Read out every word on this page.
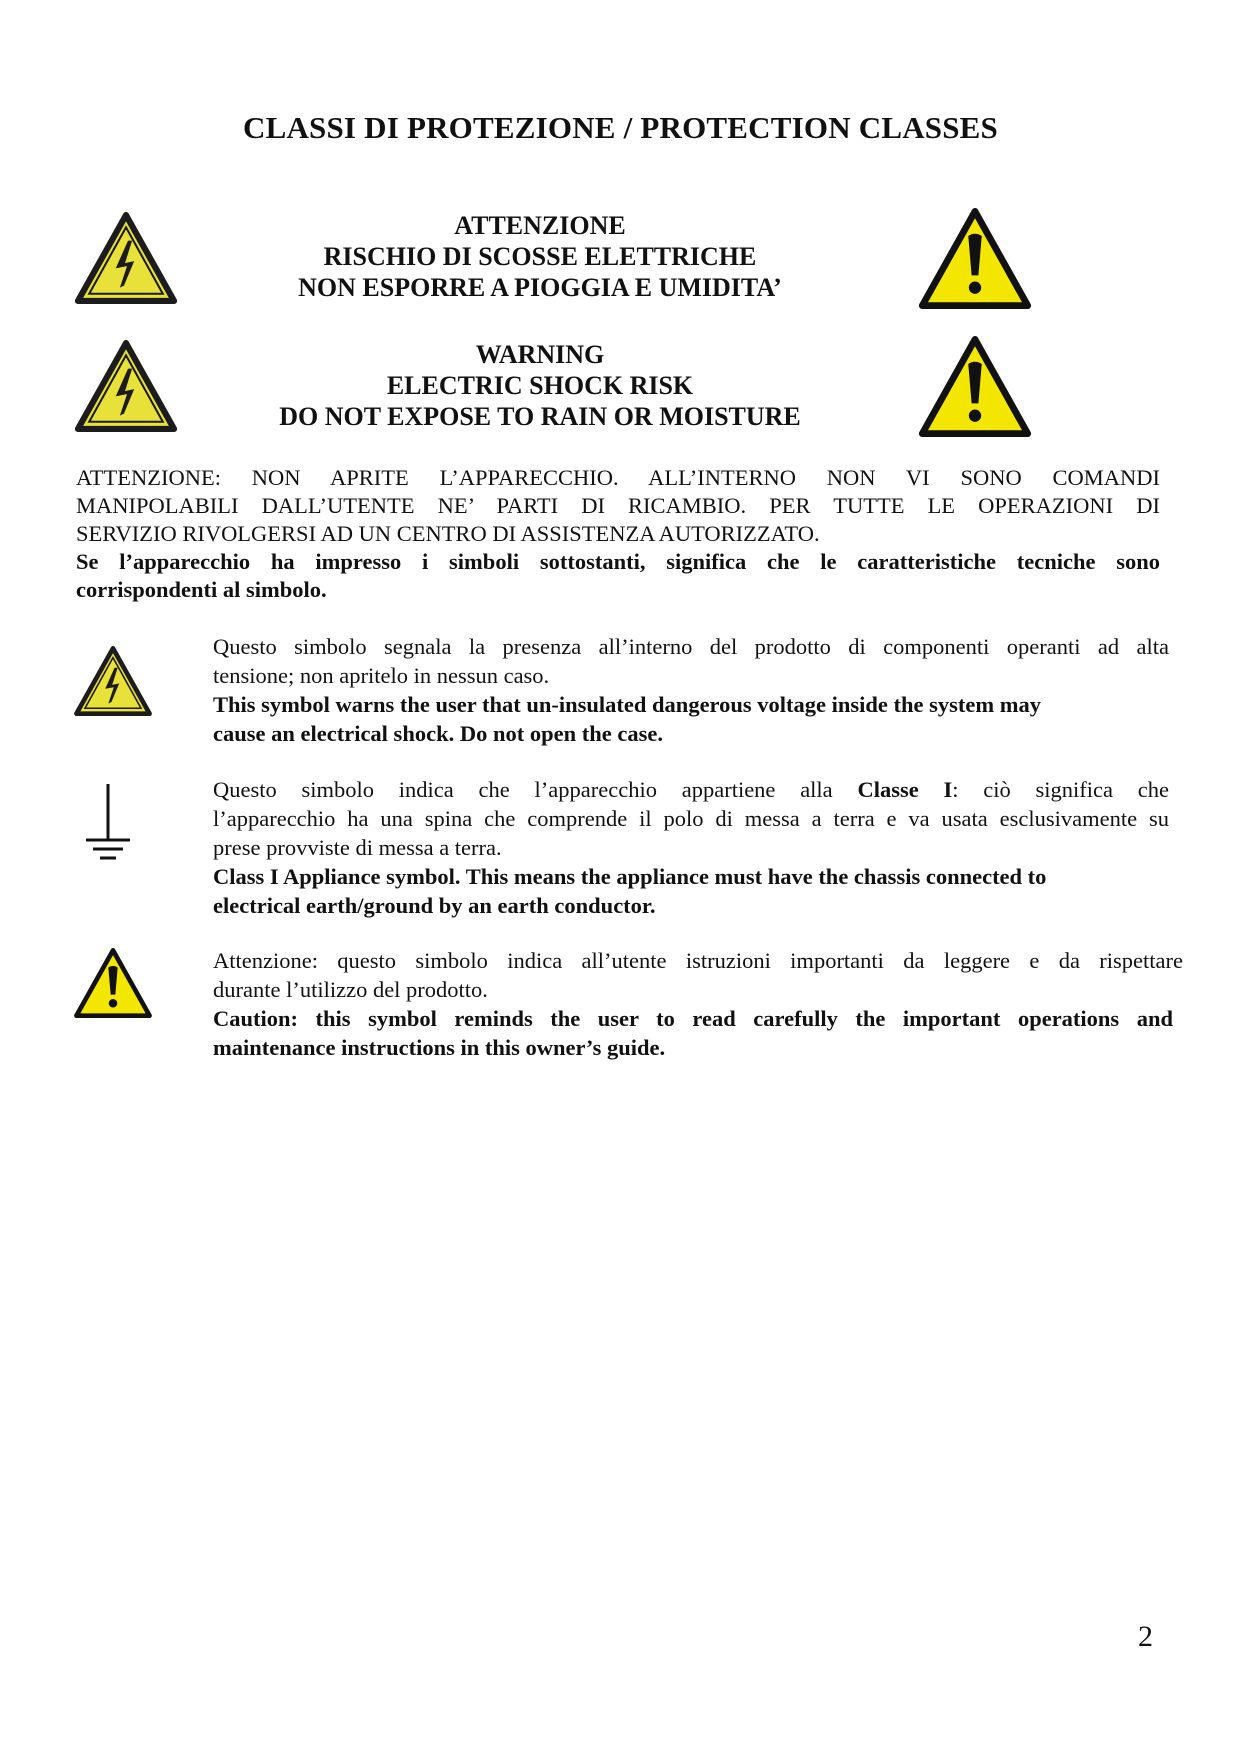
CLASSI DI PROTEZIONE / PROTECTION CLASSES
ATTENZIONE
RISCHIO DI SCOSSE ELETTRICHE
NON ESPORRE A PIOGGIA E UMIDITA’
WARNING
ELECTRIC SHOCK RISK
DO NOT EXPOSE TO RAIN OR MOISTURE
ATTENZIONE: NON APRITE L’APPARECCHIO. ALL’INTERNO NON VI SONO COMANDI
MANIPOLABILI DALL’UTENTE NE’ PARTI DI RICAMBIO. PER TUTTE LE OPERAZIONI DI
SERVIZIO RIVOLGERSI AD UN CENTRO DI ASSISTENZA AUTORIZZATO.
Se l’apparecchio ha impresso i simboli sottostanti, significa che le caratteristiche tecniche sono
corrispondenti al simbolo.
Questo simbolo segnala la presenza all’interno del prodotto di componenti operanti ad alta
tensione; non apritelo in nessun caso.
This symbol warns the user that un-insulated dangerous voltage inside the system may
cause an electrical shock. Do not open the case.
Questo simbolo indica che l’apparecchio appartiene alla Classe I: ciò significa che
l’apparecchio ha una spina che comprende il polo di messa a terra e va usata esclusivamente su
prese provviste di messa a terra.
Class I Appliance symbol. This means the appliance must have the chassis connected to
electrical earth/ground by an earth conductor.
Attenzione: questo simbolo indica all’utente istruzioni importanti da leggere e da rispettare
durante l’utilizzo del prodotto.
Caution: this symbol reminds the user to read carefully the important operations and
maintenance instructions in this owner’s guide.
2
